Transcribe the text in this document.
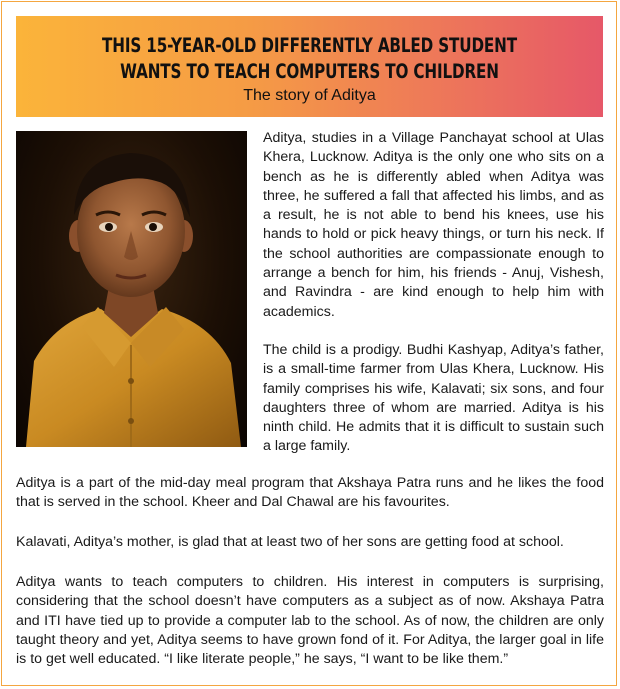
THIS 15-YEAR-OLD DIFFERENTLY ABLED STUDENT WANTS TO TEACH COMPUTERS TO CHILDREN
The story of Aditya

Aditya, studies in a Village Panchayat school at Ulas Khera, Lucknow. Aditya is the only one who sits on a bench as he is differently abled when Aditya was three, he suffered a fall that affected his limbs, and as a result, he is not able to bend his knees, use his hands to hold or pick heavy things, or turn his neck. If the school authorities are compassionate enough to arrange a bench for him, his friends - Anuj, Vishesh, and Ravindra - are kind enough to help him with academics.

The child is a prodigy. Budhi Kashyap, Aditya’s father, is a small-time farmer from Ulas Khera, Lucknow. His family comprises his wife, Kalavati; six sons, and four daughters three of whom are married. Aditya is his ninth child. He admits that it is difficult to sustain such a large family.

Aditya is a part of the mid-day meal program that Akshaya Patra runs and he likes the food that is served in the school. Kheer and Dal Chawal are his favourites.

Kalavati, Aditya’s mother, is glad that at least two of her sons are getting food at school.

Aditya wants to teach computers to children. His interest in computers is surprising, considering that the school doesn’t have computers as a subject as of now. Akshaya Patra and ITI have tied up to provide a computer lab to the school. As of now, the children are only taught theory and yet, Aditya seems to have grown fond of it. For Aditya, the larger goal in life is to get well educated. “I like literate people,” he says, “I want to be like them.”
